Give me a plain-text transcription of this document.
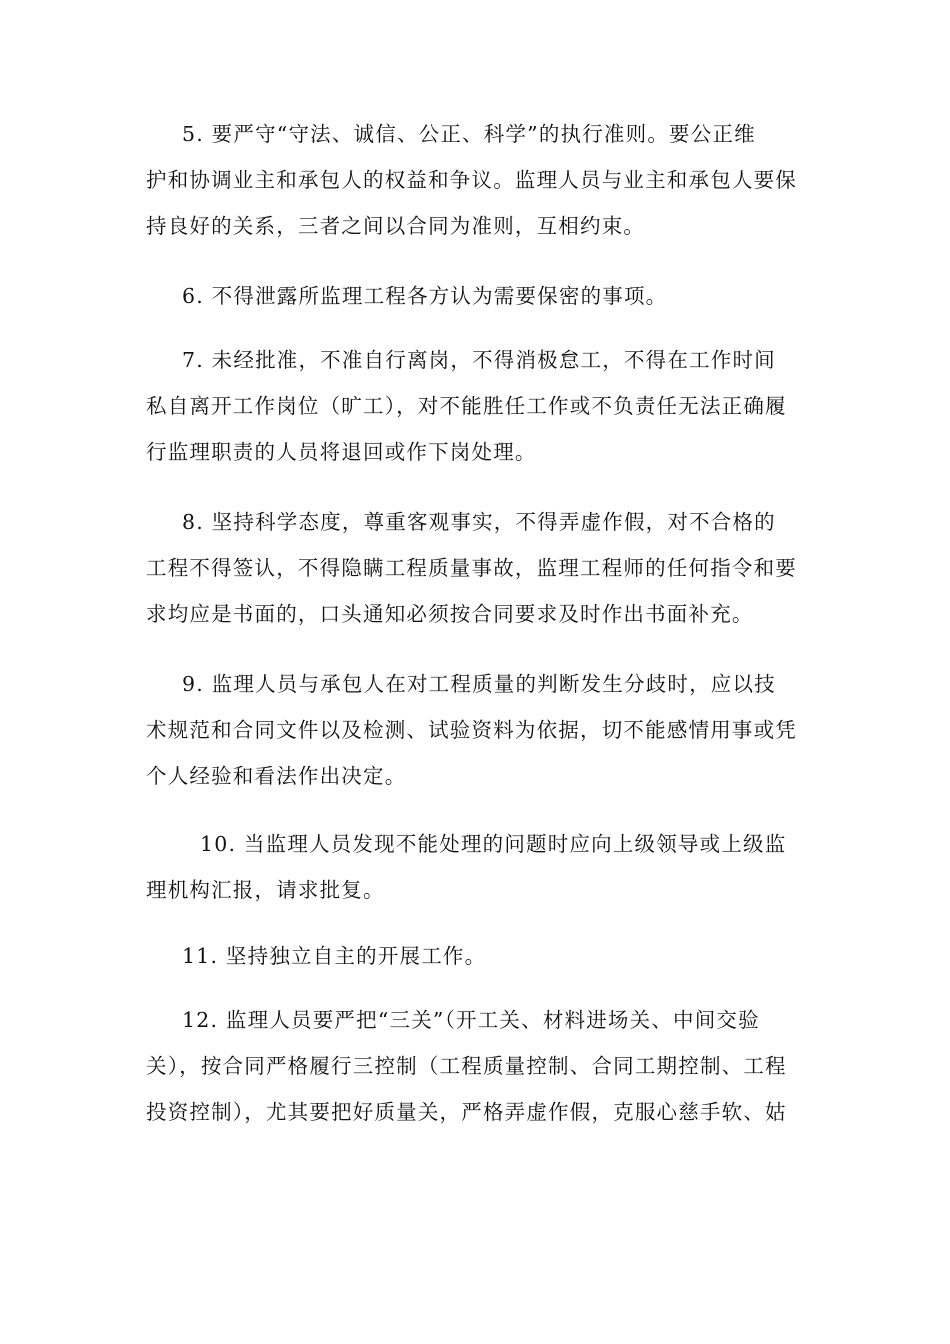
5. 要严守“守法、诚信、公正、科学”的执行准则。要公正维
护和协调业主和承包人的权益和争议。监理人员与业主和承包人要保
持良好的关系，三者之间以合同为准则，互相约束。
6. 不得泄露所监理工程各方认为需要保密的事项。
7. 未经批准，不准自行离岗，不得消极怠工，不得在工作时间
私自离开工作岗位（旷工），对不能胜任工作或不负责任无法正确履
行监理职责的人员将退回或作下岗处理。
8. 坚持科学态度，尊重客观事实，不得弄虚作假，对不合格的
工程不得签认，不得隐瞒工程质量事故，监理工程师的任何指令和要
求均应是书面的，口头通知必须按合同要求及时作出书面补充。
9. 监理人员与承包人在对工程质量的判断发生分歧时，应以技
术规范和合同文件以及检测、试验资料为依据，切不能感情用事或凭
个人经验和看法作出决定。
10. 当监理人员发现不能处理的问题时应向上级领导或上级监
理机构汇报，请求批复。
11. 坚持独立自主的开展工作。
12. 监理人员要严把“三关”（开工关、材料进场关、中间交验
关），按合同严格履行三控制（工程质量控制、合同工期控制、工程
投资控制），尤其要把好质量关，严格弄虚作假，克服心慈手软、姑
